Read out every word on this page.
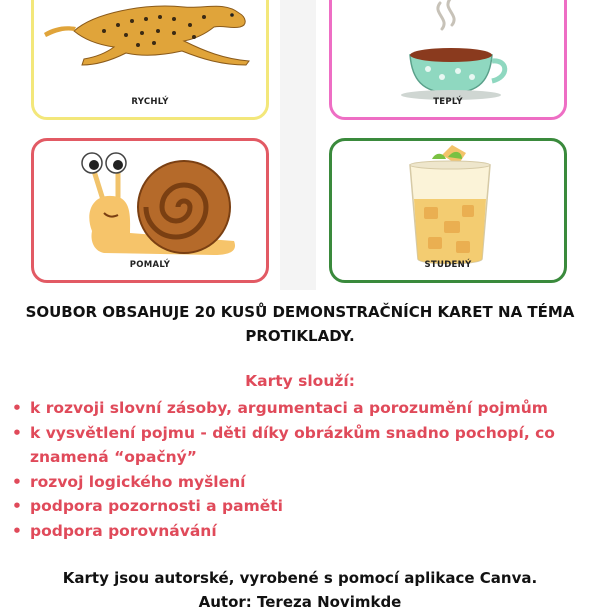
RYCHLÝ	TEPLÝ
POMALÝ	STUDENÝ
SOUBOR OBSAHUJE 20 KUSŮ DEMONSTRAČNÍCH KARET NA TÉMA PROTIKLADY.
Karty slouží:
• k rozvoji slovní zásoby, argumentaci a porozumění pojmům
• k vysvětlení pojmu - děti díky obrázkům snadno pochopí, co znamená “opačný”
• rozvoj logického myšlení
• podpora pozornosti a paměti
• podpora porovnávání
Karty jsou autorské, vyrobené s pomocí aplikace Canva.
Autor: Tereza Novimkde
